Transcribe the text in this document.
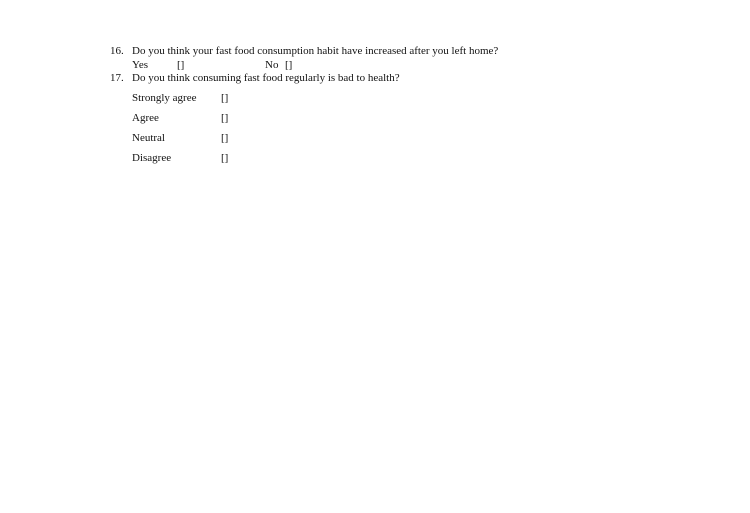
16. Do you think your fast food consumption habit have increased after you left home?
Yes	[]	No []
17. Do you think consuming fast food regularly is bad to health?
Strongly agree []
Agree	[]
Neutral	[]
Disagree	[]
